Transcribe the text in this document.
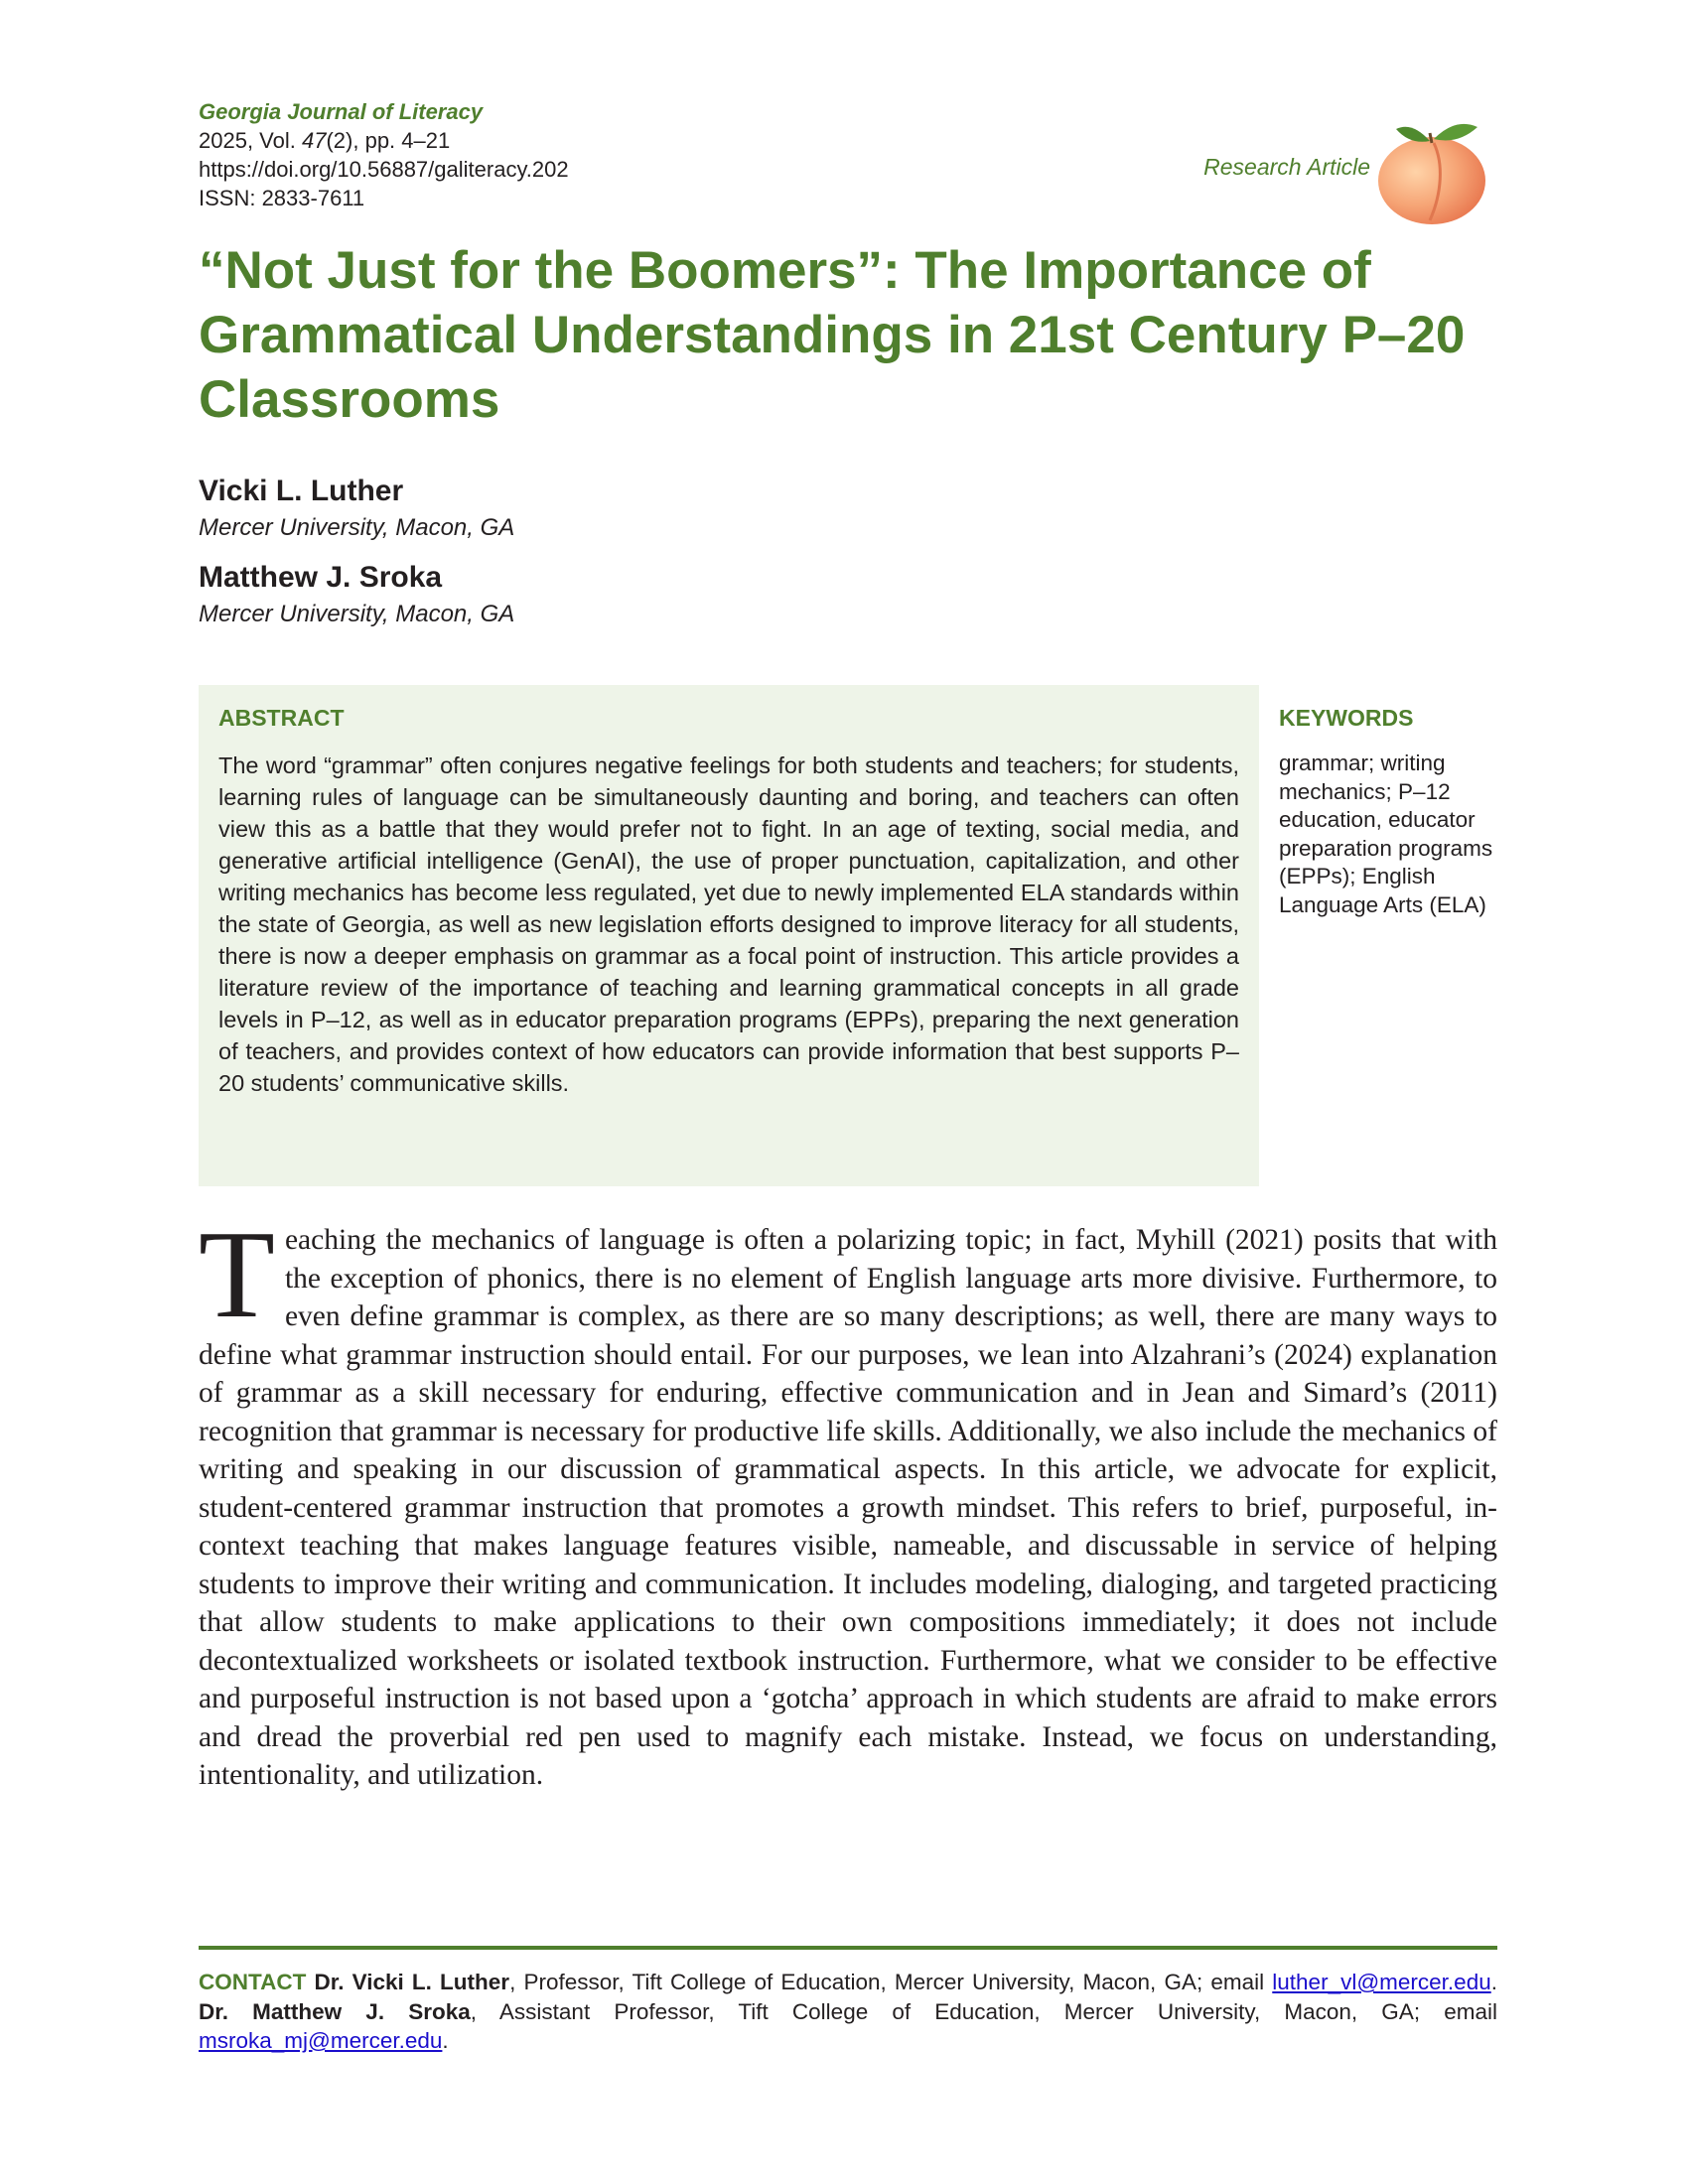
Georgia Journal of Literacy
2025, Vol. 47(2), pp. 4–21
https://doi.org/10.56887/galiteracy.202
ISSN: 2833-7611
Research Article
“Not Just for the Boomers”: The Importance of Grammatical Understandings in 21st Century P–20 Classrooms
Vicki L. Luther
Mercer University, Macon, GA
Matthew J. Sroka
Mercer University, Macon, GA
ABSTRACT

The word “grammar” often conjures negative feelings for both students and teachers; for students, learning rules of language can be simultaneously daunting and boring, and teachers can often view this as a battle that they would prefer not to fight. In an age of texting, social media, and generative artificial intelligence (GenAI), the use of proper punctuation, capitalization, and other writing mechanics has become less regulated, yet due to newly implemented ELA standards within the state of Georgia, as well as new legislation efforts designed to improve literacy for all students, there is now a deeper emphasis on grammar as a focal point of instruction. This article provides a literature review of the importance of teaching and learning grammatical concepts in all grade levels in P–12, as well as in educator preparation programs (EPPs), preparing the next generation of teachers, and provides context of how educators can provide information that best supports P–20 students’ communicative skills.

KEYWORDS

grammar; writing mechanics; P–12 education, educator preparation programs (EPPs); English Language Arts (ELA)

Teaching the mechanics of language is often a polarizing topic; in fact, Myhill (2021) posits that with the exception of phonics, there is no element of English language arts more divisive. Furthermore, to even define grammar is complex, as there are so many descriptions; as well, there are many ways to define what grammar instruction should entail. For our purposes, we lean into Alzahrani’s (2024) explanation of grammar as a skill necessary for enduring, effective communication and in Jean and Simard’s (2011) recognition that grammar is necessary for productive life skills. Additionally, we also include the mechanics of writing and speaking in our discussion of grammatical aspects. In this article, we advocate for explicit, student-centered grammar instruction that promotes a growth mindset. This refers to brief, purposeful, in-context teaching that makes language features visible, nameable, and discussable in service of helping students to improve their writing and communication. It includes modeling, dialoging, and targeted practicing that allow students to make applications to their own compositions immediately; it does not include decontextualized worksheets or isolated textbook instruction. Furthermore, what we consider to be effective and purposeful instruction is not based upon a ‘gotcha’ approach in which students are afraid to make errors and dread the proverbial red pen used to magnify each mistake. Instead, we focus on understanding, intentionality, and utilization.

CONTACT Dr. Vicki L. Luther, Professor, Tift College of Education, Mercer University, Macon, GA; email luther_vl@mercer.edu. Dr. Matthew J. Sroka, Assistant Professor, Tift College of Education, Mercer University, Macon, GA; email msroka_mj@mercer.edu.
